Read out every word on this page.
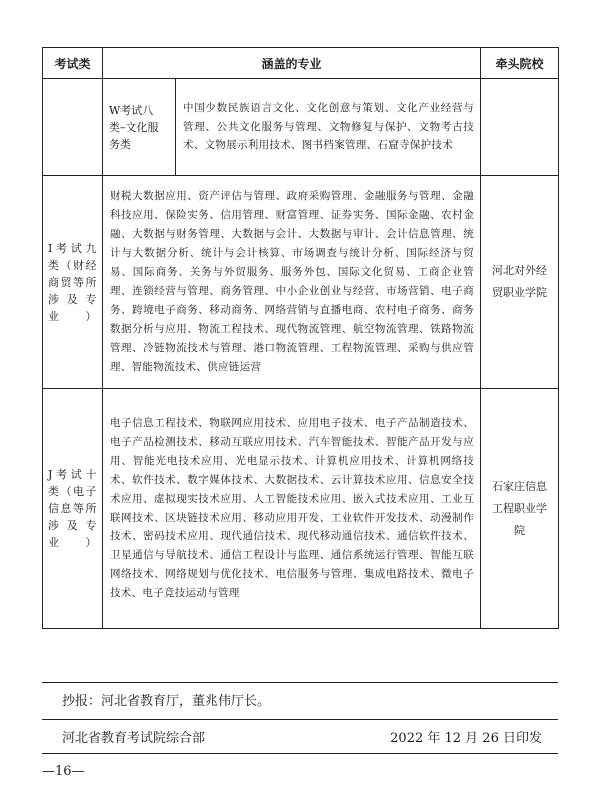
考试类	涵盖的专业		牵头院校
	W考试八类–文化服务类	中国少数民族语言文化、文化创意与策划、文化产业经营与管理、公共文化服务与管理、文物修复与保护、文物考古技术、文物展示利用技术、图书档案管理、石窟寺保护技术	
I考试九类（财经商贸等所涉及专业）	财税大数据应用、资产评估与管理、政府采购管理、金融服务与管理、金融科技应用、保险实务、信用管理、财富管理、证券实务、国际金融、农村金融、大数据与财务管理、大数据与会计、大数据与审计、会计信息管理、统计与大数据分析、统计与会计核算、市场调查与统计分析、国际经济与贸易、国际商务、关务与外贸服务、服务外包、国际文化贸易、工商企业管理、连锁经营与管理、商务管理、中小企业创业与经营、市场营销、电子商务、跨境电子商务、移动商务、网络营销与直播电商、农村电子商务、商务数据分析与应用、物流工程技术、现代物流管理、航空物流管理、铁路物流管理、冷链物流技术与管理、港口物流管理、工程物流管理、采购与供应管理、智能物流技术、供应链运营		河北对外经贸职业学院
J考试十类（电子信息等所涉及专业）	电子信息工程技术、物联网应用技术、应用电子技术、电子产品制造技术、电子产品检测技术、移动互联应用技术、汽车智能技术、智能产品开发与应用、智能光电技术应用、光电显示技术、计算机应用技术、计算机网络技术、软件技术、数字媒体技术、大数据技术、云计算技术应用、信息安全技术应用、虚拟现实技术应用、人工智能技术应用、嵌入式技术应用、工业互联网技术、区块链技术应用、移动应用开发、工业软件开发技术、动漫制作技术、密码技术应用、现代通信技术、现代移动通信技术、通信软件技术、卫星通信与导航技术、通信工程设计与监理、通信系统运行管理、智能互联网络技术、网络规划与优化技术、电信服务与管理、集成电路技术、微电子技术、电子竞技运动与管理		石家庄信息工程职业学院
抄报：河北省教育厅，董兆伟厅长。
河北省教育考试院综合部	2022 年 12 月 26 日印发
—16—
